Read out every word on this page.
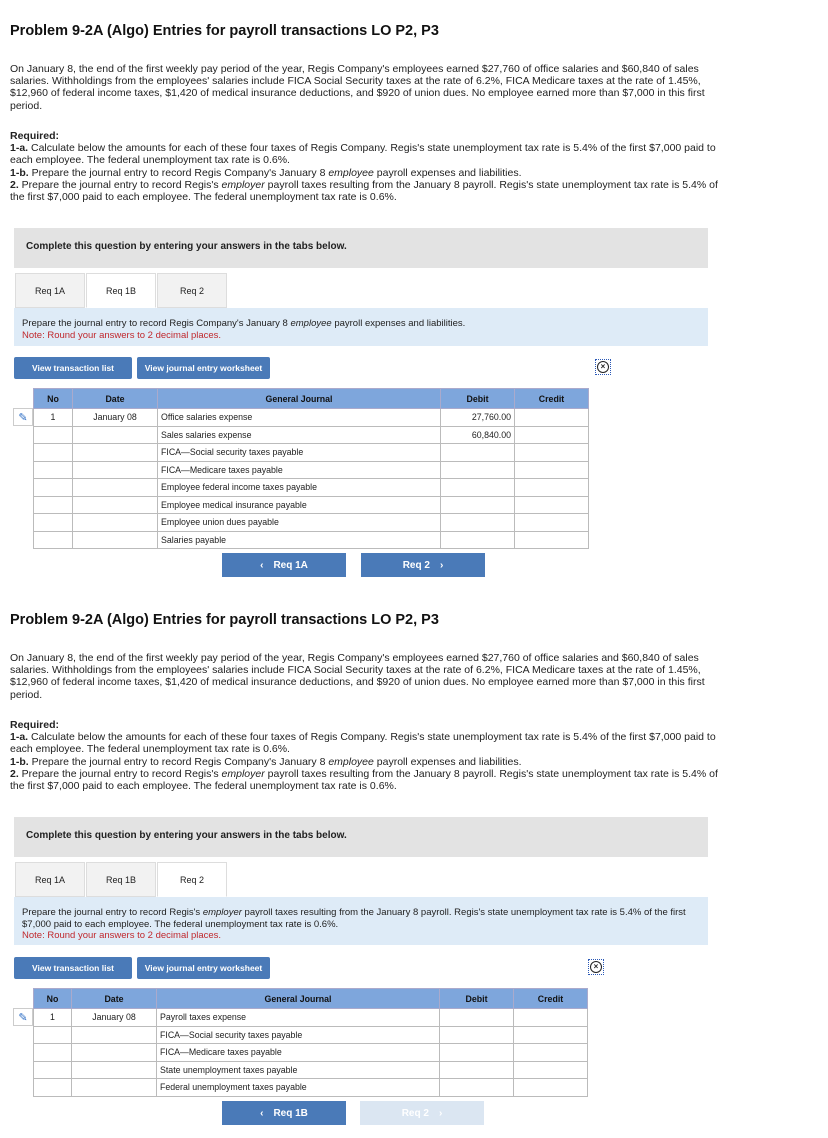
Problem 9-2A (Algo) Entries for payroll transactions LO P2, P3

On January 8, the end of the first weekly pay period of the year, Regis Company's employees earned $27,760 of office salaries and $60,840 of sales salaries. Withholdings from the employees' salaries include FICA Social Security taxes at the rate of 6.2%, FICA Medicare taxes at the rate of 1.45%, $12,960 of federal income taxes, $1,420 of medical insurance deductions, and $920 of union dues. No employee earned more than $7,000 in this first period.

Required:
1-a. Calculate below the amounts for each of these four taxes of Regis Company. Regis's state unemployment tax rate is 5.4% of the first $7,000 paid to each employee. The federal unemployment tax rate is 0.6%.
1-b. Prepare the journal entry to record Regis Company's January 8 employee payroll expenses and liabilities.
2. Prepare the journal entry to record Regis's employer payroll taxes resulting from the January 8 payroll. Regis's state unemployment tax rate is 5.4% of the first $7,000 paid to each employee. The federal unemployment tax rate is 0.6%.
Complete this question by entering your answers in the tabs below.
Req 1A	Req 1B	Req 2
Prepare the journal entry to record Regis Company's January 8 employee payroll expenses and liabilities.
Note: Round your answers to 2 decimal places.
View transaction list	View journal entry worksheet	×
✎
No	Date	General Journal	Debit	Credit
1	January 08	Office salaries expense	27,760.00	
		Sales salaries expense	60,840.00	
		FICA—Social security taxes payable		
		FICA—Medicare taxes payable		
		Employee federal income taxes payable		
		Employee medical insurance payable		
		Employee union dues payable		
		Salaries payable		
‹ Req 1A	Req 2 ›
Problem 9-2A (Algo) Entries for payroll transactions LO P2, P3

On January 8, the end of the first weekly pay period of the year, Regis Company's employees earned $27,760 of office salaries and $60,840 of sales salaries. Withholdings from the employees' salaries include FICA Social Security taxes at the rate of 6.2%, FICA Medicare taxes at the rate of 1.45%, $12,960 of federal income taxes, $1,420 of medical insurance deductions, and $920 of union dues. No employee earned more than $7,000 in this first period.

Required:
1-a. Calculate below the amounts for each of these four taxes of Regis Company. Regis's state unemployment tax rate is 5.4% of the first $7,000 paid to each employee. The federal unemployment tax rate is 0.6%.
1-b. Prepare the journal entry to record Regis Company's January 8 employee payroll expenses and liabilities.
2. Prepare the journal entry to record Regis's employer payroll taxes resulting from the January 8 payroll. Regis's state unemployment tax rate is 5.4% of the first $7,000 paid to each employee. The federal unemployment tax rate is 0.6%.
Complete this question by entering your answers in the tabs below.
Req 1A	Req 1B	Req 2
Prepare the journal entry to record Regis's employer payroll taxes resulting from the January 8 payroll. Regis's state unemployment tax rate is 5.4% of the first $7,000 paid to each employee. The federal unemployment tax rate is 0.6%.
Note: Round your answers to 2 decimal places.
View transaction list	View journal entry worksheet	×
✎
No	Date	General Journal	Debit	Credit
1	January 08	Payroll taxes expense		
		FICA—Social security taxes payable		
		FICA—Medicare taxes payable		
		State unemployment taxes payable		
		Federal unemployment taxes payable		
‹ Req 1B	Req 2 ›
